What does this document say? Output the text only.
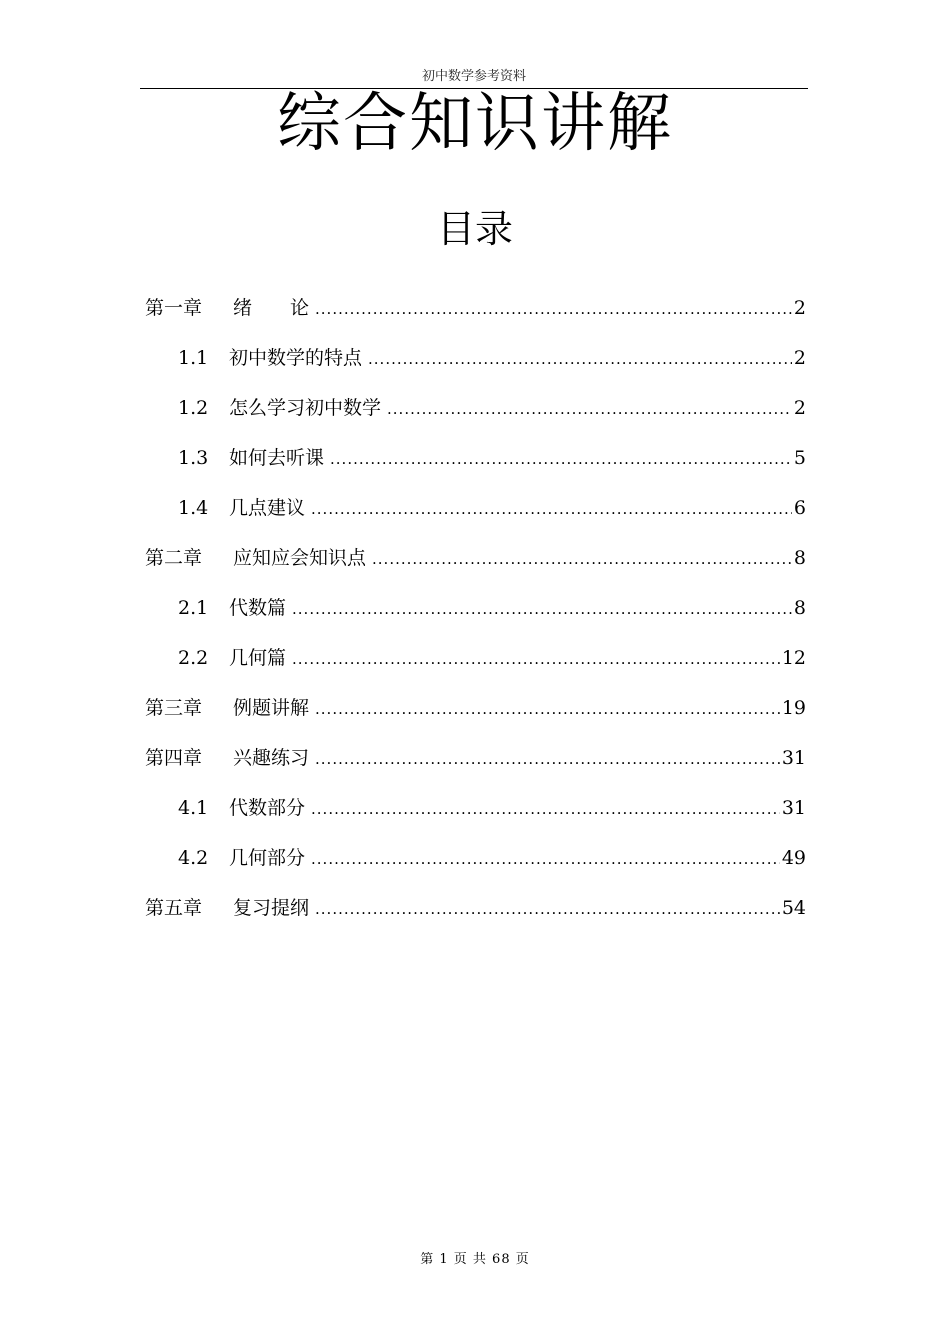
初中数学参考资料
综合知识讲解
目录
第一章	绪　　论 .....	2
1.1	初中数学的特点 .....	2
1.2	怎么学习初中数学 .....	2
1.3	如何去听课 .....	5
1.4	几点建议 .....	6
第二章	应知应会知识点 .....	8
2.1	代数篇 .....	8
2.2	几何篇 .....	12
第三章	例题讲解 .....	19
第四章	兴趣练习 .....	31
4.1	代数部分 .....	31
4.2	几何部分 .....	49
第五章	复习提纲 .....	54
第 1 页 共 68 页
